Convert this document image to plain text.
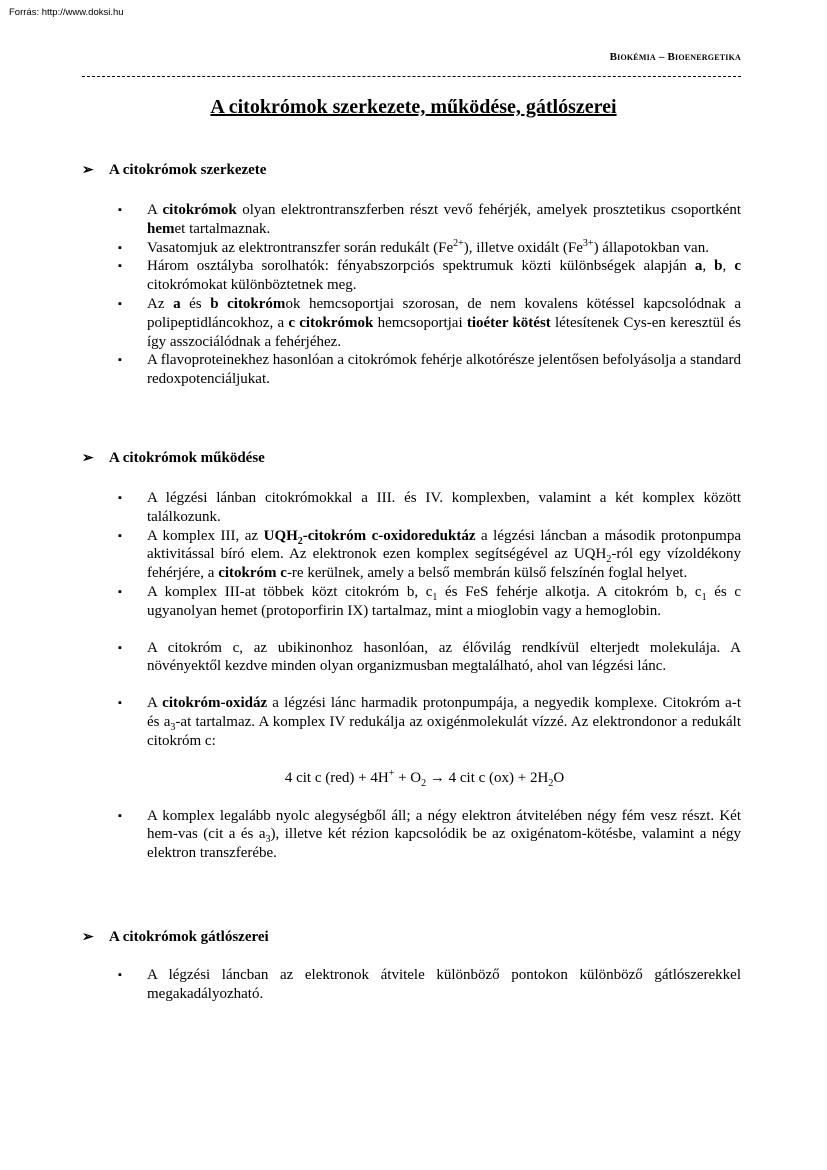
Forrás: http://www.doksi.hu
Biokémia – Bioenergetika
A citokrómok szerkezete, működése, gátlószerei
➢ A citokrómok szerkezete
▪ A citokrómok olyan elektrontranszferben részt vevő fehérjék, amelyek prosztetikus csoportként hemet tartalmaznak.
▪ Vasatomjuk az elektrontranszfer során redukált $(Fe^{2+})$, illetve oxidált $(Fe^{3+})$ állapotokban van.
▪ Három osztályba sorolhatók: fényabszorpciós spektrumuk közti különbségek alapján a, b, c citokrómokat különböztetnek meg.
▪ Az a és b citokrómok hemcsoportjai szorosan, de nem kovalens kötéssel kapcsolódnak a polipeptidláncokhoz, a c citokrómok hemcsoportjai tioéter kötést létesítenek Cys-en keresztül és így asszociálódnak a fehérjéhez.
▪ A flavoproteinekhez hasonlóan a citokrómok fehérje alkotórésze jelentősen befolyásolja a standard redoxpotenciáljukat.
➢ A citokrómok működése
▪ A légzési lánban citokrómokkal a III. és IV. komplexben, valamint a két komplex között találkozunk.
▪ A komplex III, az $UQH_2$-citokróm c-oxidoreduktáz a légzési láncban a második protonpumpa aktivitással bíró elem. Az elektronok ezen komplex segítségével az $UQH_2$-ról egy vízoldékony fehérjére, a citokróm c-re kerülnek, amely a belső membrán külső felszínén foglal helyet.
▪ A komplex III-at többek közt citokróm b, $c_1$ és FeS fehérje alkotja. A citokróm b, $c_1$ és c ugyanolyan hemet (protoporfirin IX) tartalmaz, mint a mioglobin vagy a hemoglobin.
▪ A citokróm c, az ubikinonhoz hasonlóan, az élővilág rendkívül elterjedt molekulája. A növényektől kezdve minden olyan organizmusban megtalálható, ahol van légzési lánc.
▪ A citokróm-oxidáz a légzési lánc harmadik protonpumpája, a negyedik komplexe. Citokróm a-t és $a_3-at$ tartalmaz. A komplex IV redukálja az oxigénmolekulát vízzé. Az elektrondonor a redukált citokróm c:
4 cit c $(red) + 4H^+ + O_2 \to 4$ cit c $(ox) + 2H_2O$
▪ A komplex legalább nyolc alegységből áll; a négy elektron átvitelében négy fém vesz részt. Két hem-vas (cit a és $a_3$), illetve két rézion kapcsolódik be az oxigénatom-kötésbe, valamint a négy elektron transzferébe.
➢ A citokrómok gátlószerei
▪ A légzési láncban az elektronok átvitele különböző pontokon különböző gátlószerekkel megakadályozható.
